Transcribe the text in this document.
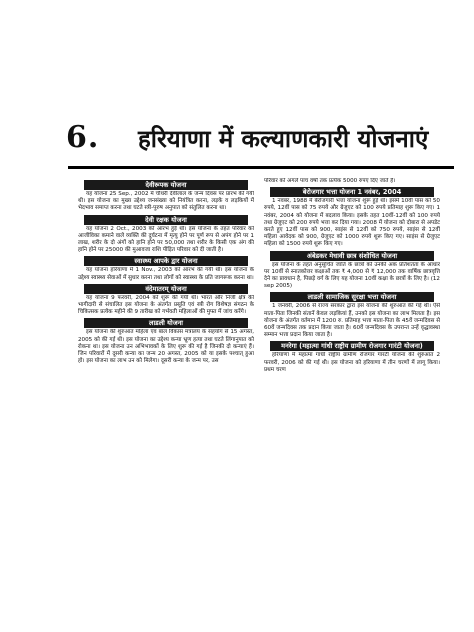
6. हरियाणा में कल्याणकारी योजनाएं
देवीरूपक योजना
यह योजना 25 Sep., 2002 में चौधरी देवीलाल के जन्म दिवस पर प्रारंभ की गयी थी। इस योजना का मुख्य उद्देश्य जनसंख्या को नियंत्रित करना, लड़के व लड़कियों में भेदभाव समाप्त करना तथा घटते स्त्री-पुरुष अनुपात को संतुलित करना था।
देवी रक्षक योजना
यह योजना 2 Oct., 2003 को आरंभ हुई थी। इस योजना के तहत परिवार को आजीविका कमाने वाले व्यक्ति की दुर्घटना में मृत्यु होने पर पूर्ण रूप से अपंग होने पर 1 लाख, शरीर के दो अंगों को हानि होने पर 50,000 तथा शरीर के किसी एक अंग की हानि होने पर 25000 की मुआवजा राशि पीड़ित परिवार को दी जाती है।
स्वास्थ्य आपके द्वार योजना
यह योजना हरियाणा में 1 Nov., 2003 को आरंभ की गयी थी। इस योजना के उद्देश्य स्वास्थ्य सेवाओं में सुधार करना तथा लोगों को स्वास्थ्य के प्रति जागरूक करना था।
वंदेमातरम् योजना
यह योजना 9 फरवरी, 2004 को शुरू की गयी थी। भारत और निजी क्षेत्र की भागीदारी से संचालित इस योजना के अंतर्गत प्रसूति एवं स्त्री रोग विशेषज्ञ संगठन के चिकित्सक प्रत्येक महीने की 9 तारीख को गर्भवती महिलाओं की मुफ्त में जांच करेंगे।
लाडली योजना
इस योजना की शुरुआत महिला एवं बाल विकास मंत्रालय के सहयोग से 15 अगस्त, 2005 को की गई थी। इस योजना का उद्देश्य कन्या भ्रूण हत्या तथा घटते लिंगानुपात को रोकना था। इस योजना उन अभिभावकों के लिए शुरू की गई है जिनकी दो कन्याएं हैं। जिन परिवारों में दूसरी कन्या का जन्म 20 अगस्त, 2005 को या इसके पश्चात् हुआ हो। इस योजना का लाभ उन को मिलेगा। दूसरी कन्या के जन्म पर, उस
परिवार को अगले पांच वर्षों तक प्रत्येक 5000 रुपए दिए जाते हैं।
बेरोजगार भत्ता योजना 1 नवंबर, 2004
1 नवंबर, 1988 में बेरोजगारी भत्ता योजना शुरू हुई थी। इसमें 10वीं पास को 50 रुपये, 12वीं पास को 75 रुपये और ग्रेजुएट को 100 रुपये प्रतिमाह शुरू किए गए। 1 नवंबर, 2004 को योजना में बदलाव किया। इसके तहत 10वीं-12वीं को 100 रुपये तथा ग्रेजुएट को 200 रुपये भत्ता कर दिया गया। 2008 में योजना को दोबारा से अपडेट करते हुए 12वीं पास को 900, साइंस से 12वीं को 750 रुपये, साइंस से 12वीं महिला आवेदक को 900, ग्रेजुएट को 1000 रुपये शुरू किए गए। साइंस से ग्रेजुएट महिला को 1500 रुपये शुरू किए गए।
अंबेडकर मेधावी छात्र संशोधित योजना
इस योजना के तहत अनुसूचित जाति के छात्रों को उनकी अंक प्रतिशतता के आधार पर 10वीं से स्नातकोत्तर कक्षाओं तक ₹ 4,000 से ₹ 12,000 तक वार्षिक छात्रवृत्ति देने का प्रावधान है, पिछड़े वर्ग के लिए यह योजना 10वीं कक्षा के छात्रों के लिए है। (12 sep 2005)
लाडली सामाजिक सुरक्षा भत्ता योजना
1 जनवरी, 2006 से राज्य सरकार द्वारा इस योजना की शुरुआत की गई थी। ऐसे माता-पिता जिनकी संतानें केवल लड़कियां हैं, उनको इस योजना का लाभ मिलता है। इस योजना के अंतर्गत वर्तमान में 1200 रु. प्रतिमाह भत्ता माता-पिता के 45वें जन्मदिवस से 60वें जन्मदिवस तक प्रदान किया जाता है। 60वें जन्मदिवस के उपरान्त उन्हें वृद्धावस्था सम्मान भत्ता प्रदान किया जाता है।
मनरेगा (महात्मा गांधी राष्ट्रीय ग्रामीण रोजगार गारंटी योजना)
हरियाणा में महात्मा गांधी राष्ट्रीय ग्रामीण रोजगार गारंटी योजना की शुरुआत 2 फरवरी, 2006 को की गई थी। इस योजना को हरियाणा में तीन चरणों में लागू किया। प्रथम चरण
